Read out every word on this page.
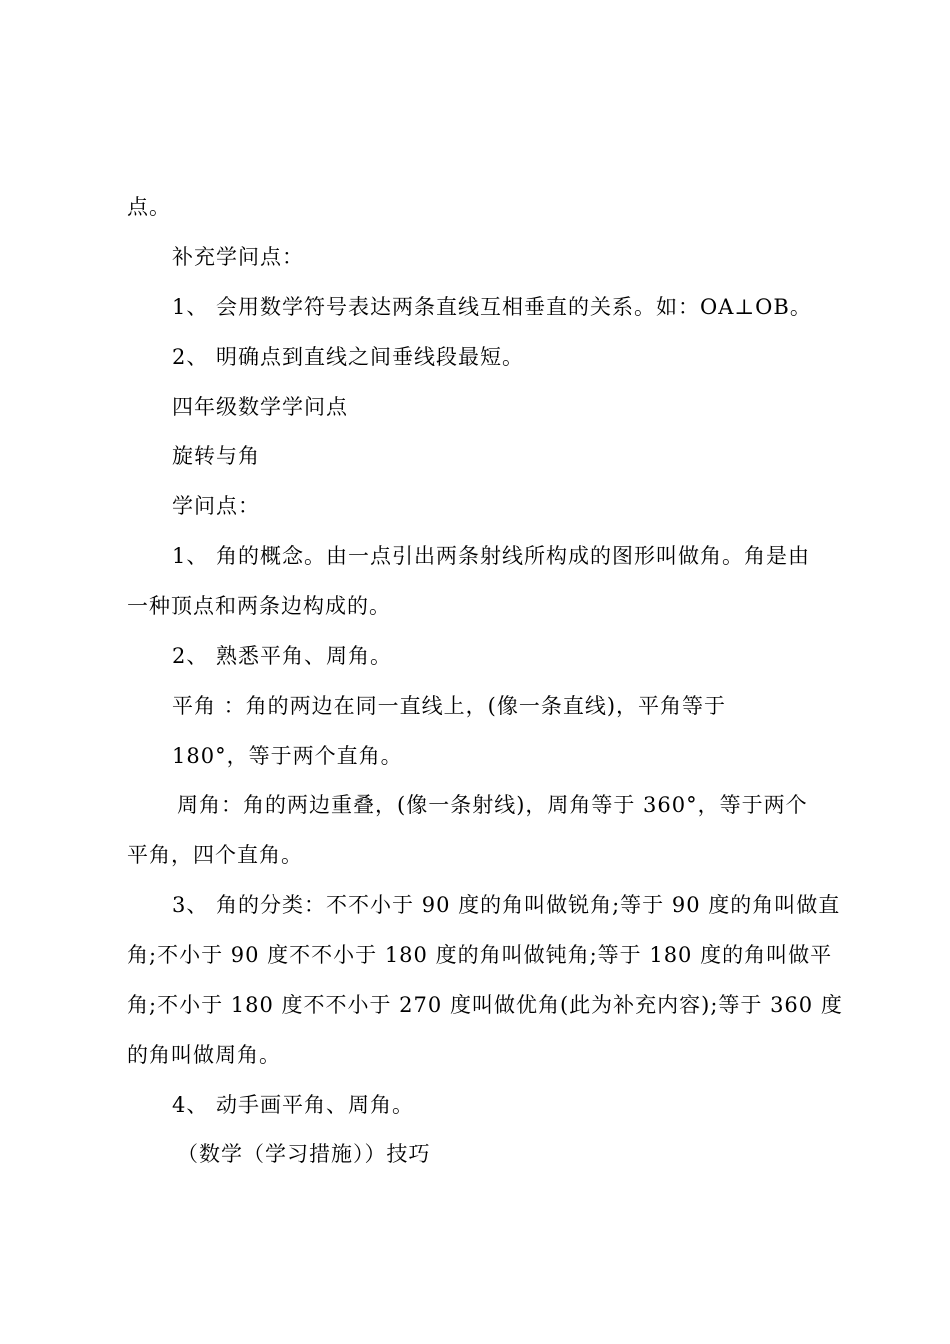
点。
补充学问点：
1、 会用数学符号表达两条直线互相垂直的关系。如：OA⊥OB。
2、 明确点到直线之间垂线段最短。
四年级数学学问点
旋转与角
学问点：
1、 角的概念。由一点引出两条射线所构成的图形叫做角。角是由
一种顶点和两条边构成的。
2、 熟悉平角、周角。
平角 ：角的两边在同一直线上，(像一条直线)，平角等于
180°，等于两个直角。
周角：角的两边重叠，(像一条射线)，周角等于 360°，等于两个
平角，四个直角。
3、 角的分类：不不小于 90 度的角叫做锐角;等于 90 度的角叫做直
角;不小于 90 度不不小于 180 度的角叫做钝角;等于 180 度的角叫做平
角;不小于 180 度不不小于 270 度叫做优角(此为补充内容);等于 360 度
的角叫做周角。
4、 动手画平角、周角。
（数学（学习措施））技巧
